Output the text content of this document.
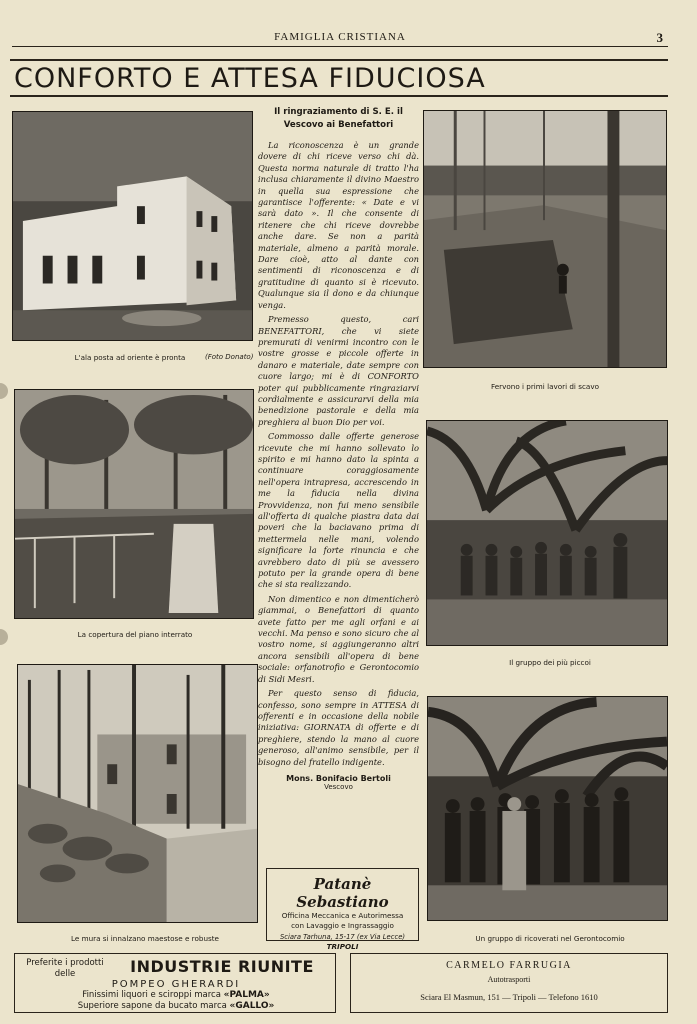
FAMIGLIA CRISTIANA	3
CONFORTO E ATTESA FIDUCIOSA
L'ala posta ad oriente è pronta	(Foto Donato)
Fervono i primi lavori di scavo
La copertura del piano interrato
Il gruppo dei più piccoi
Le mura si innalzano maestose e robuste	Un gruppo di ricoverati nel Gerontocomio
Il ringraziamento di S. E. il Vescovo ai Benefattori

La riconoscenza è un grande dovere di chi riceve verso chi dà. Questa norma naturale di tratto l'ha inclusa chiaramente il divino Maestro in quella sua espressione che garantisce l'offerente: « Date e vi sarà dato ». Il che consente di ritenere che chi riceve dovrebbe anche dare. Se non a parità materiale, almeno a parità morale. Dare cioè, atto al dante con sentimenti di riconoscenza e di gratitudine di quanto si è ricevuto. Qualunque sia il dono e da chiunque venga.

Premesso questo, cari BENEFATTORI, che vi siete premurati di venirmi incontro con le vostre grosse e piccole offerte in danaro e materiale, date sempre con cuore largo; mi è di CONFORTO poter qui pubblicamente ringraziarvi cordialmente e assicurarvi della mia benedizione pastorale e della mia preghiera al buon Dio per voi.

Commosso dalle offerte generose ricevute che mi hanno sollevato lo spirito e mi hanno dato la spinta a continuare coraggiosamente nell'opera intrapresa, accrescendo in me la fiducia nella divina Provvidenza, non fui meno sensibile all'offerta di qualche piastra data dai poveri che la baciavano prima di mettermela nelle mani, volendo significare la forte rinuncia e che avrebbero dato di più se avessero potuto per la grande opera di bene che si sta realizzando.

Non dimentico e non dimenticherò giammai, o Benefattori di quanto avete fatto per me agli orfani e ai vecchi. Ma penso e sono sicuro che al vostro nome, si aggiungeranno altri ancora sensibili all'opera di bene sociale: orfanotrofio e Gerontocomio di Sidi Mesri.

Per questo senso di fiducia, confesso, sono sempre in ATTESA di offerenti e in occasione della nobile iniziativa: GIORNATA di offerte e di preghiere, stendo la mano al cuore generoso, all'animo sensibile, per il bisogno del fratello indigente.

Mons. Bonifacio Bertoli
Vescovo
Patanè Sebastiano
Officina Meccanica e Autorimessa
con Lavaggio e Ingrassaggio
Sciara Tarhuna, 15-17 (ex Via Lecce)
TRIPOLI
Preferite i prodotti delle	INDUSTRIE RIUNITE
POMPEO GHERARDI
Finissimi liquori e sciroppi marca «PALMA»
Superiore sapone da bucato marca «GALLO»
CARMELO FARRUGIA
Autotrasporti
Sciara El Masmun, 151 — Tripoli — Telefono 1610
